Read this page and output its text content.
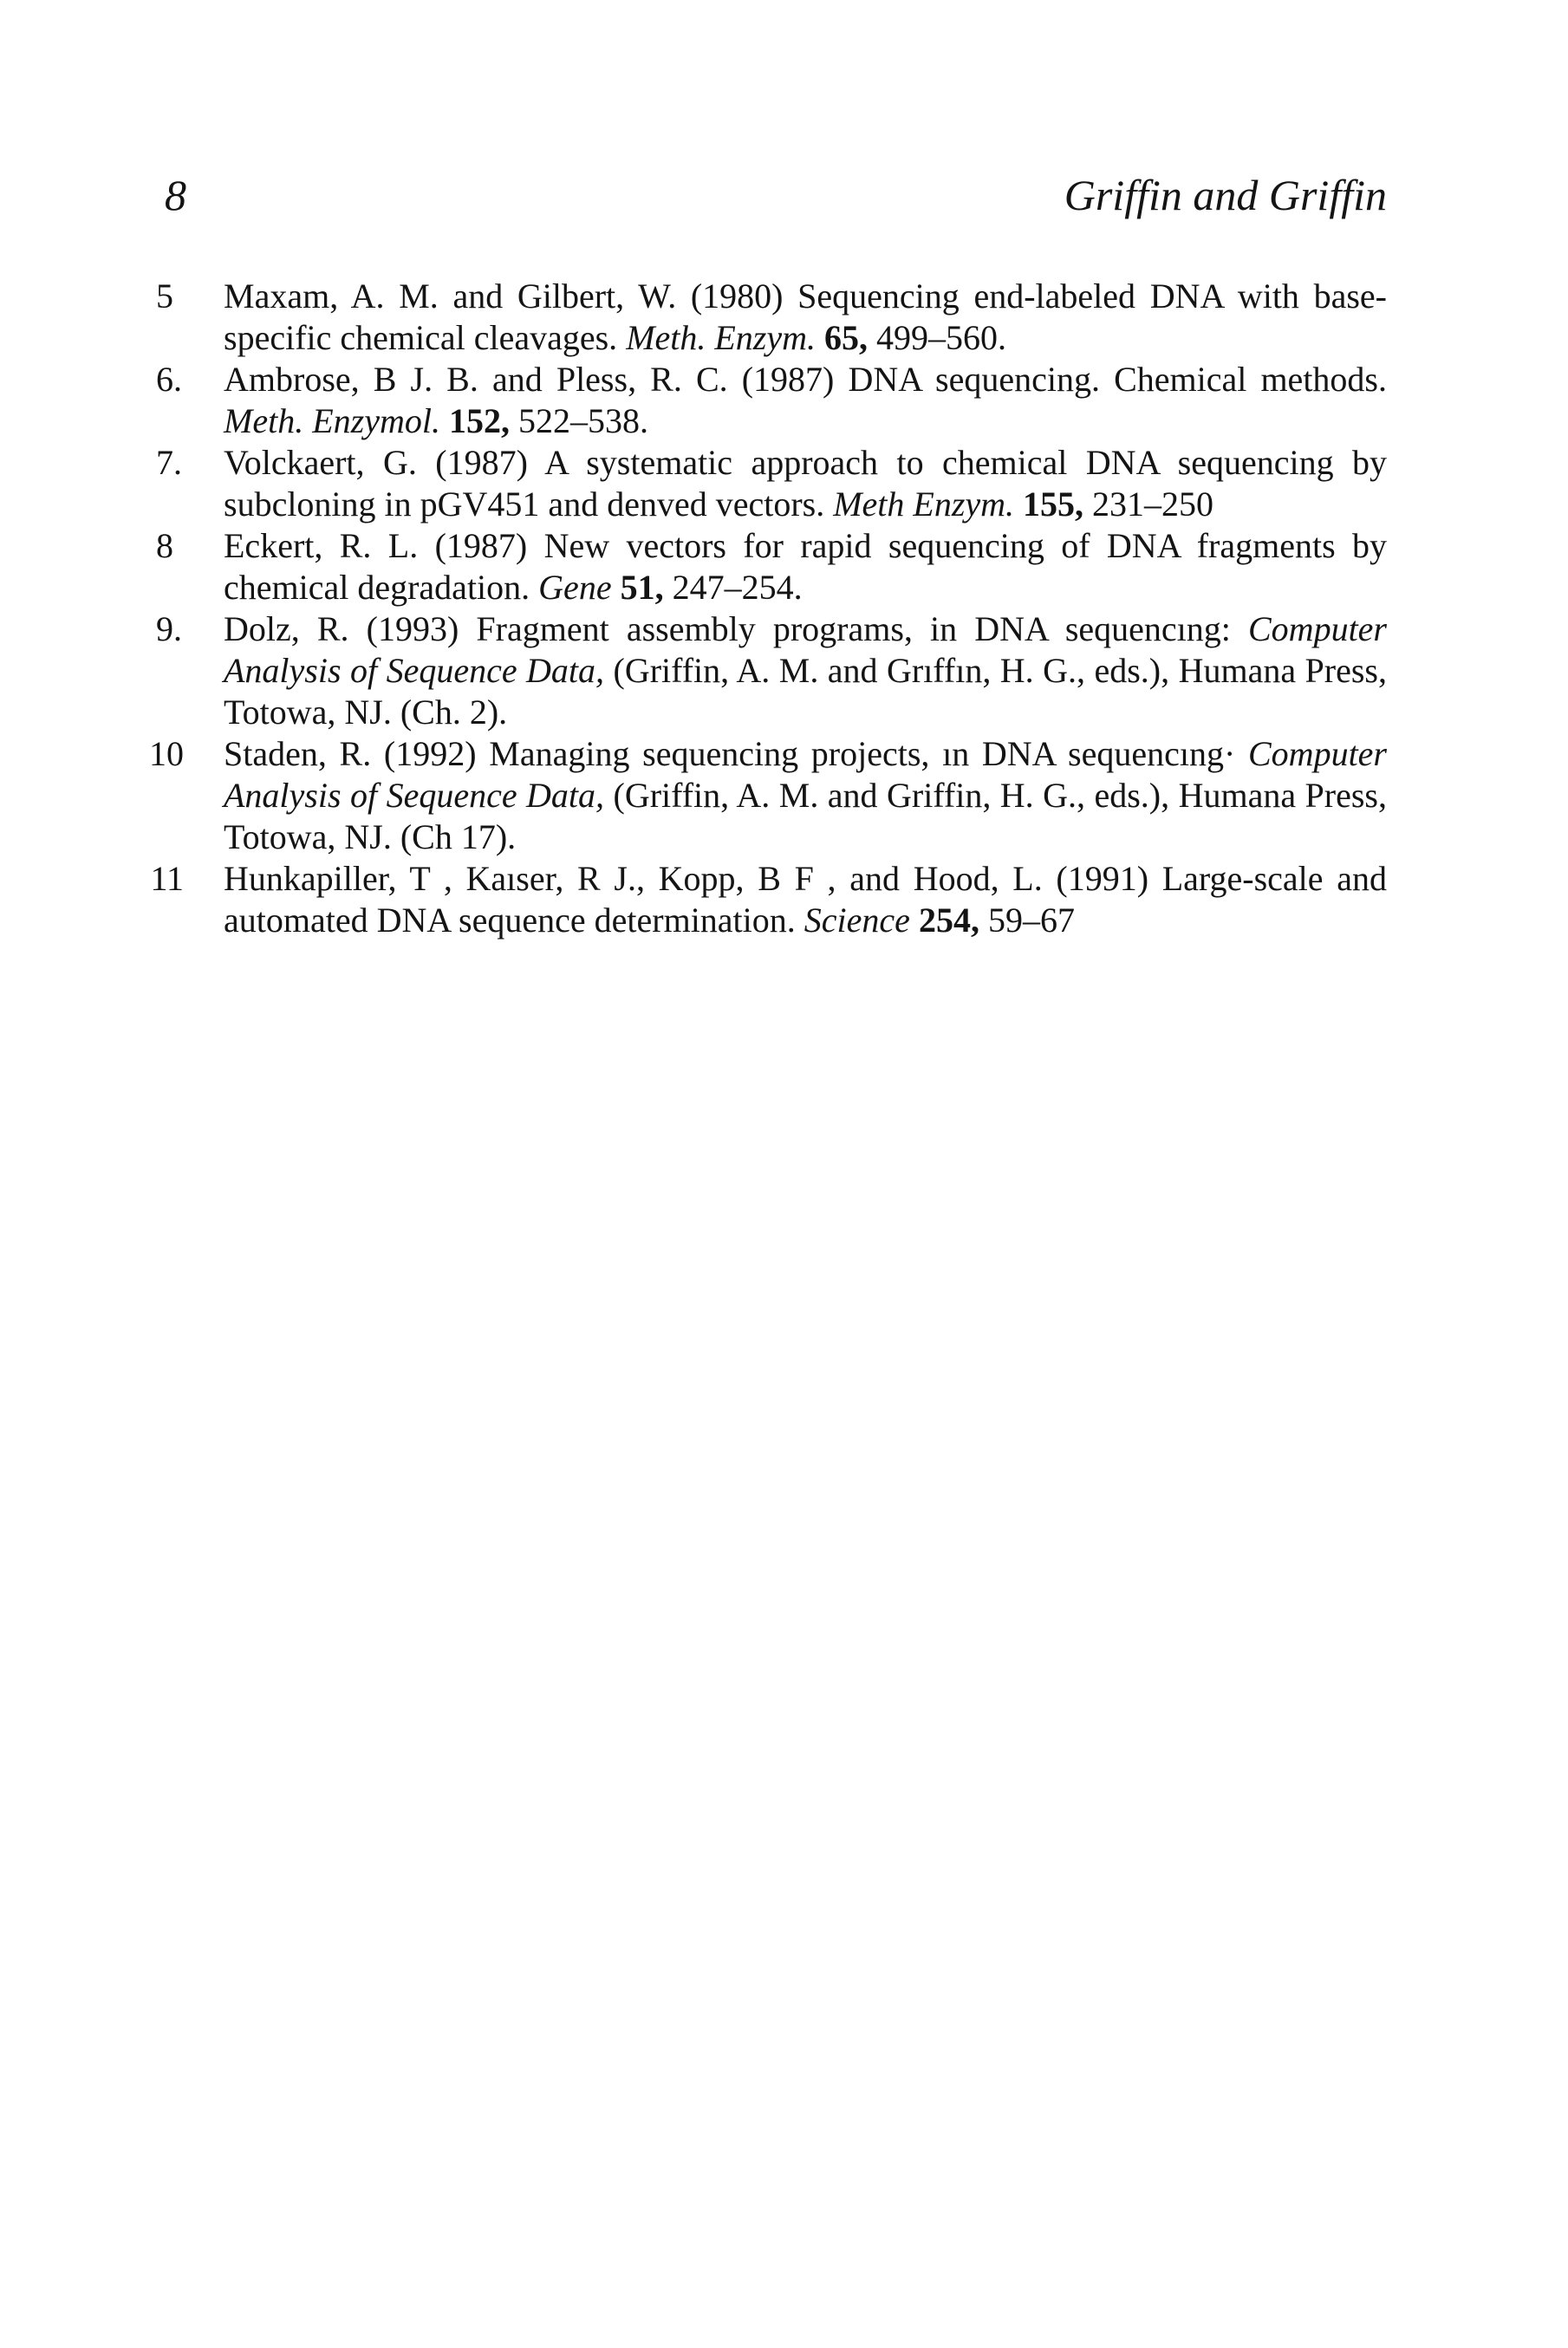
8	Griffin and Griffin
5 Maxam, A. M. and Gilbert, W. (1980) Sequencing end-labeled DNA with base-specific chemical cleavages. Meth. Enzym. 65, 499–560.
6. Ambrose, B J. B. and Pless, R. C. (1987) DNA sequencing. Chemical methods. Meth. Enzymol. 152, 522–538.
7. Volckaert, G. (1987) A systematic approach to chemical DNA sequencing by subcloning in pGV451 and denved vectors. Meth Enzym. 155, 231–250
8 Eckert, R. L. (1987) New vectors for rapid sequencing of DNA fragments by chemical degradation. Gene 51, 247–254.
9. Dolz, R. (1993) Fragment assembly programs, in DNA sequencıng: Computer Analysis of Sequence Data, (Griffin, A. M. and Grıffın, H. G., eds.), Humana Press, Totowa, NJ. (Ch. 2).
10 Staden, R. (1992) Managing sequencing projects, ın DNA sequencıng· Computer Analysis of Sequence Data, (Griffin, A. M. and Griffin, H. G., eds.), Humana Press, Totowa, NJ. (Ch 17).
11 Hunkapiller, T , Kaıser, R J., Kopp, B F , and Hood, L. (1991) Large-scale and automated DNA sequence determination. Science 254, 59–67
